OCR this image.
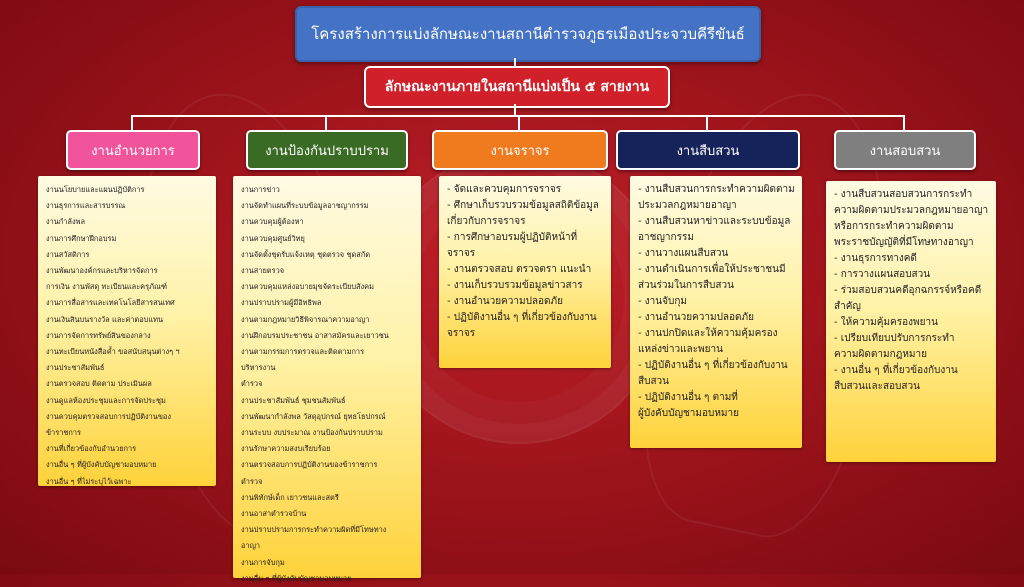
โครงสร้างการแบ่งลักษณะงานสถานีตำรวจภูธรเมืองประจวบคีรีขันธ์
ลักษณะงานภายในสถานีแบ่งเป็น ๕ สายงาน
งานอำนวยการ	งานป้องกันปราบปราม	งานจราจร	งานสืบสวน	งานสอบสวน
งานนโยบายและแผนปฏิบัติการ
งานธุรการและสารบรรณ
งานกำลังพล
งานการศึกษาฝึกอบรม
งานสวัสดิการ
งานพัฒนาองค์กรและบริหารจัดการ
การเงิน งานพัสดุ ทะเบียนและครุภัณฑ์
งานการสื่อสารและเทคโนโลยีสารสนเทศ
งานเงินสินบนรางวัล และค่าตอบแทน
งานการจัดการทรัพย์สินของกลาง
งานทะเบียนหนังสือค้ำ ขอสนับสนุนต่างๆ ฯ
งานประชาสัมพันธ์
งานตรวจสอบ ติดตาม ประเมินผล
งานดูแลห้องประชุมและการจัดประชุม
งานควบคุมตรวจสอบการปฏิบัติงานของ
ข้าราชการ
งานที่เกี่ยวข้องกับอำนวยการ
งานอื่น ๆ ที่ผู้บังคับบัญชามอบหมาย
งานอื่น ๆ ที่ไม่ระบุไว้เฉพาะ
งานการข่าว
งานจัดทำแผนที่ระบบข้อมูลอาชญากรรม
งานควบคุมผู้ต้องหา
งานควบคุมศูนย์วิทยุ
งานจัดตั้งชุดรับแจ้งเหตุ ชุดตรวจ ชุดสกัด
งานสายตรวจ
งานควบคุมแหล่งอบายมุขจัดระเบียบสังคม
งานปราบปรามผู้มีอิทธิพล
งานตามกฎหมายวิธีพิจารณาความอาญา
งานฝึกอบรมประชาชน อาสาสมัครและเยาวชน
งานตามกรรมการตรวจและติดตามการ
บริหารงาน
ตำรวจ
งานประชาสัมพันธ์ ชุมชนสัมพันธ์
งานพัฒนากำลังพล วัสดุอุปกรณ์ ยุทธโธปกรณ์
งานระบบ งบประมาณ งานป้องกันปราบปราม
งานรักษาความสงบเรียบร้อย
งานตรวจสอบการปฏิบัติงานของข้าราชการ
ตำรวจ
งานพิทักษ์เด็ก เยาวชนและสตรี
งานอาสาตำรวจบ้าน
งานปราบปรามการกระทำความผิดที่มีโทษทาง
อาญา
งานการจับกุม
งานอื่น ๆ ที่ผู้บังคับบัญชามอบหมาย
- จัดและควบคุมการจราจร
- ศึกษาเก็บรวบรวมข้อมูลสถิติข้อมูล
เกี่ยวกับการจราจร
- การศึกษาอบรมผู้ปฏิบัติหน้าที่
จราจร
- งานตรวจสอบ ตรวจตรา แนะนำ
- งานเก็บรวบรวมข้อมูลข่าวสาร
- งานอำนวยความปลอดภัย
- ปฏิบัติงานอื่น ๆ ที่เกี่ยวข้องกับงาน
จราจร
- งานสืบสวนการกระทำความผิดตาม
ประมวลกฎหมายอาญา
- งานสืบสวนหาข่าวและระบบข้อมูล
อาชญากรรม
- งานวางแผนสืบสวน
- งานดำเนินการเพื่อให้ประชาชนมี
ส่วนร่วมในการสืบสวน
- งานจับกุม
- งานอำนวยความปลอดภัย
- งานปกปิดและให้ความคุ้มครอง
แหล่งข่าวและพยาน
- ปฏิบัติงานอื่น ๆ ที่เกี่ยวข้องกับงาน
สืบสวน
- ปฏิบัติงานอื่น ๆ ตามที่
ผู้บังคับบัญชามอบหมาย
- งานสืบสวนสอบสวนการกระทำ
ความผิดตามประมวลกฎหมายอาญา
หรือการกระทำความผิดตาม
พระราชบัญญัติที่มีโทษทางอาญา
- งานธุรการทางคดี
- การวางแผนสอบสวน
- ร่วมสอบสวนคดีอุกฉกรรจ์หรือคดี
สำคัญ
- ให้ความคุ้มครองพยาน
- เปรียบเทียบปรับการกระทำ
ความผิดตามกฎหมาย
- งานอื่น ๆ ที่เกี่ยวข้องกับงาน
สืบสวนและสอบสวน
